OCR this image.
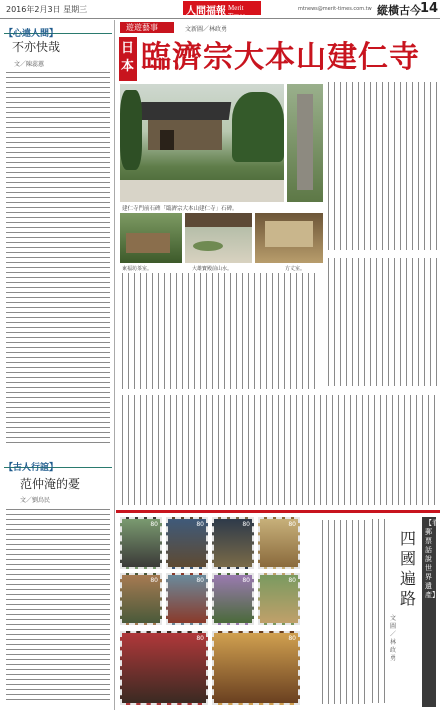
2016年2月3日 星期三	人間福報 Merit Times
mtnews@merit-times.com.tw 縱橫古今 14
【心遠人間】
不亦快哉
文／陳蕊蕙
【古人行誼】
范仲淹的憂
文／劉鳥民
遊遊藝事	文新圖／林政勇
日本 臨濟宗大本山建仁寺
建仁寺門前石碑「臨濟宗大本山建仁寺」石碑。
東福坊茶室。	大雄寶殿前山水。	方丈室。
80	80	80	80
80	80	80	80
80	80
【看郵票話說世界遺產】
四國遍路
文圖／林政勇
